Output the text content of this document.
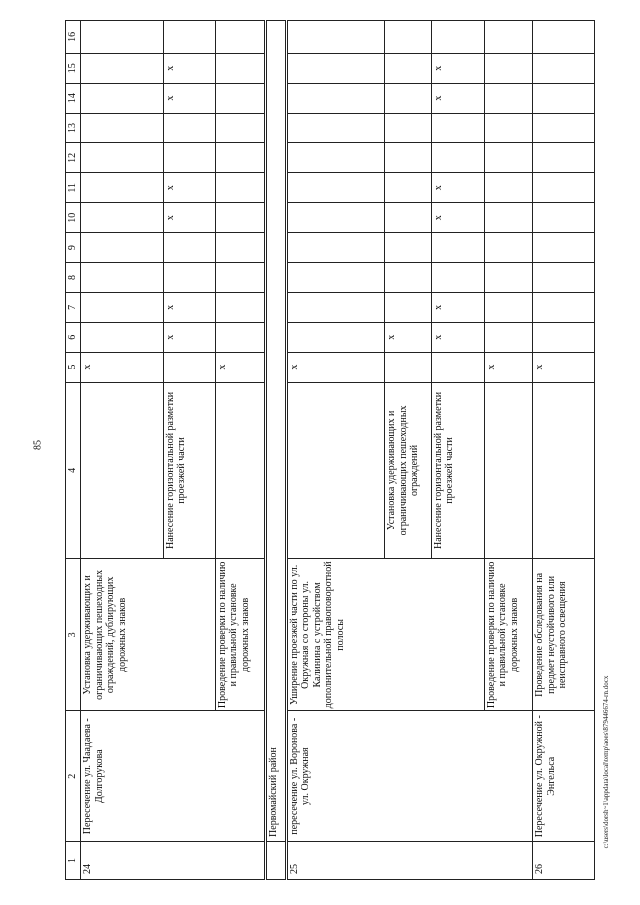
85
c:\users\dorsh~1\appdata\local\temp\aoes\879446674-rn.docx
1	2	3	4	5	6	7	8	9	10	11	12	13	14	15	16
24	Пересечение ул. Чаадаева - Долгорукова	Установка удерживающих и ограничивающих пешеходных ограждений, дублирующих дорожных знаков		х											
			Нанесение горизонтальной разметки проезжей части		х	х			х	х			х	х	
		Проведение проверки по наличию и правильной установке дорожных знаков		х											
	Первомайский район														
25	пересечение ул. Воронова - ул. Окружная	Уширение проезжей части по ул. Окружная со стороны ул. Калинина с устройством дополнительной правоповоротной полосы		х											
			Установка удерживающих и ограничивающих пешеходных ограждений		х										
			Нанесение горизонтальной разметки проезжей части		х	х			х	х			х	х	
		Проведение проверки по наличию и правильной установке дорожных знаков		х											
26	Пересечение ул. Окружной - Энгельса	Проведение обследования на предмет неустойчивого или неисправного освещения		х											
